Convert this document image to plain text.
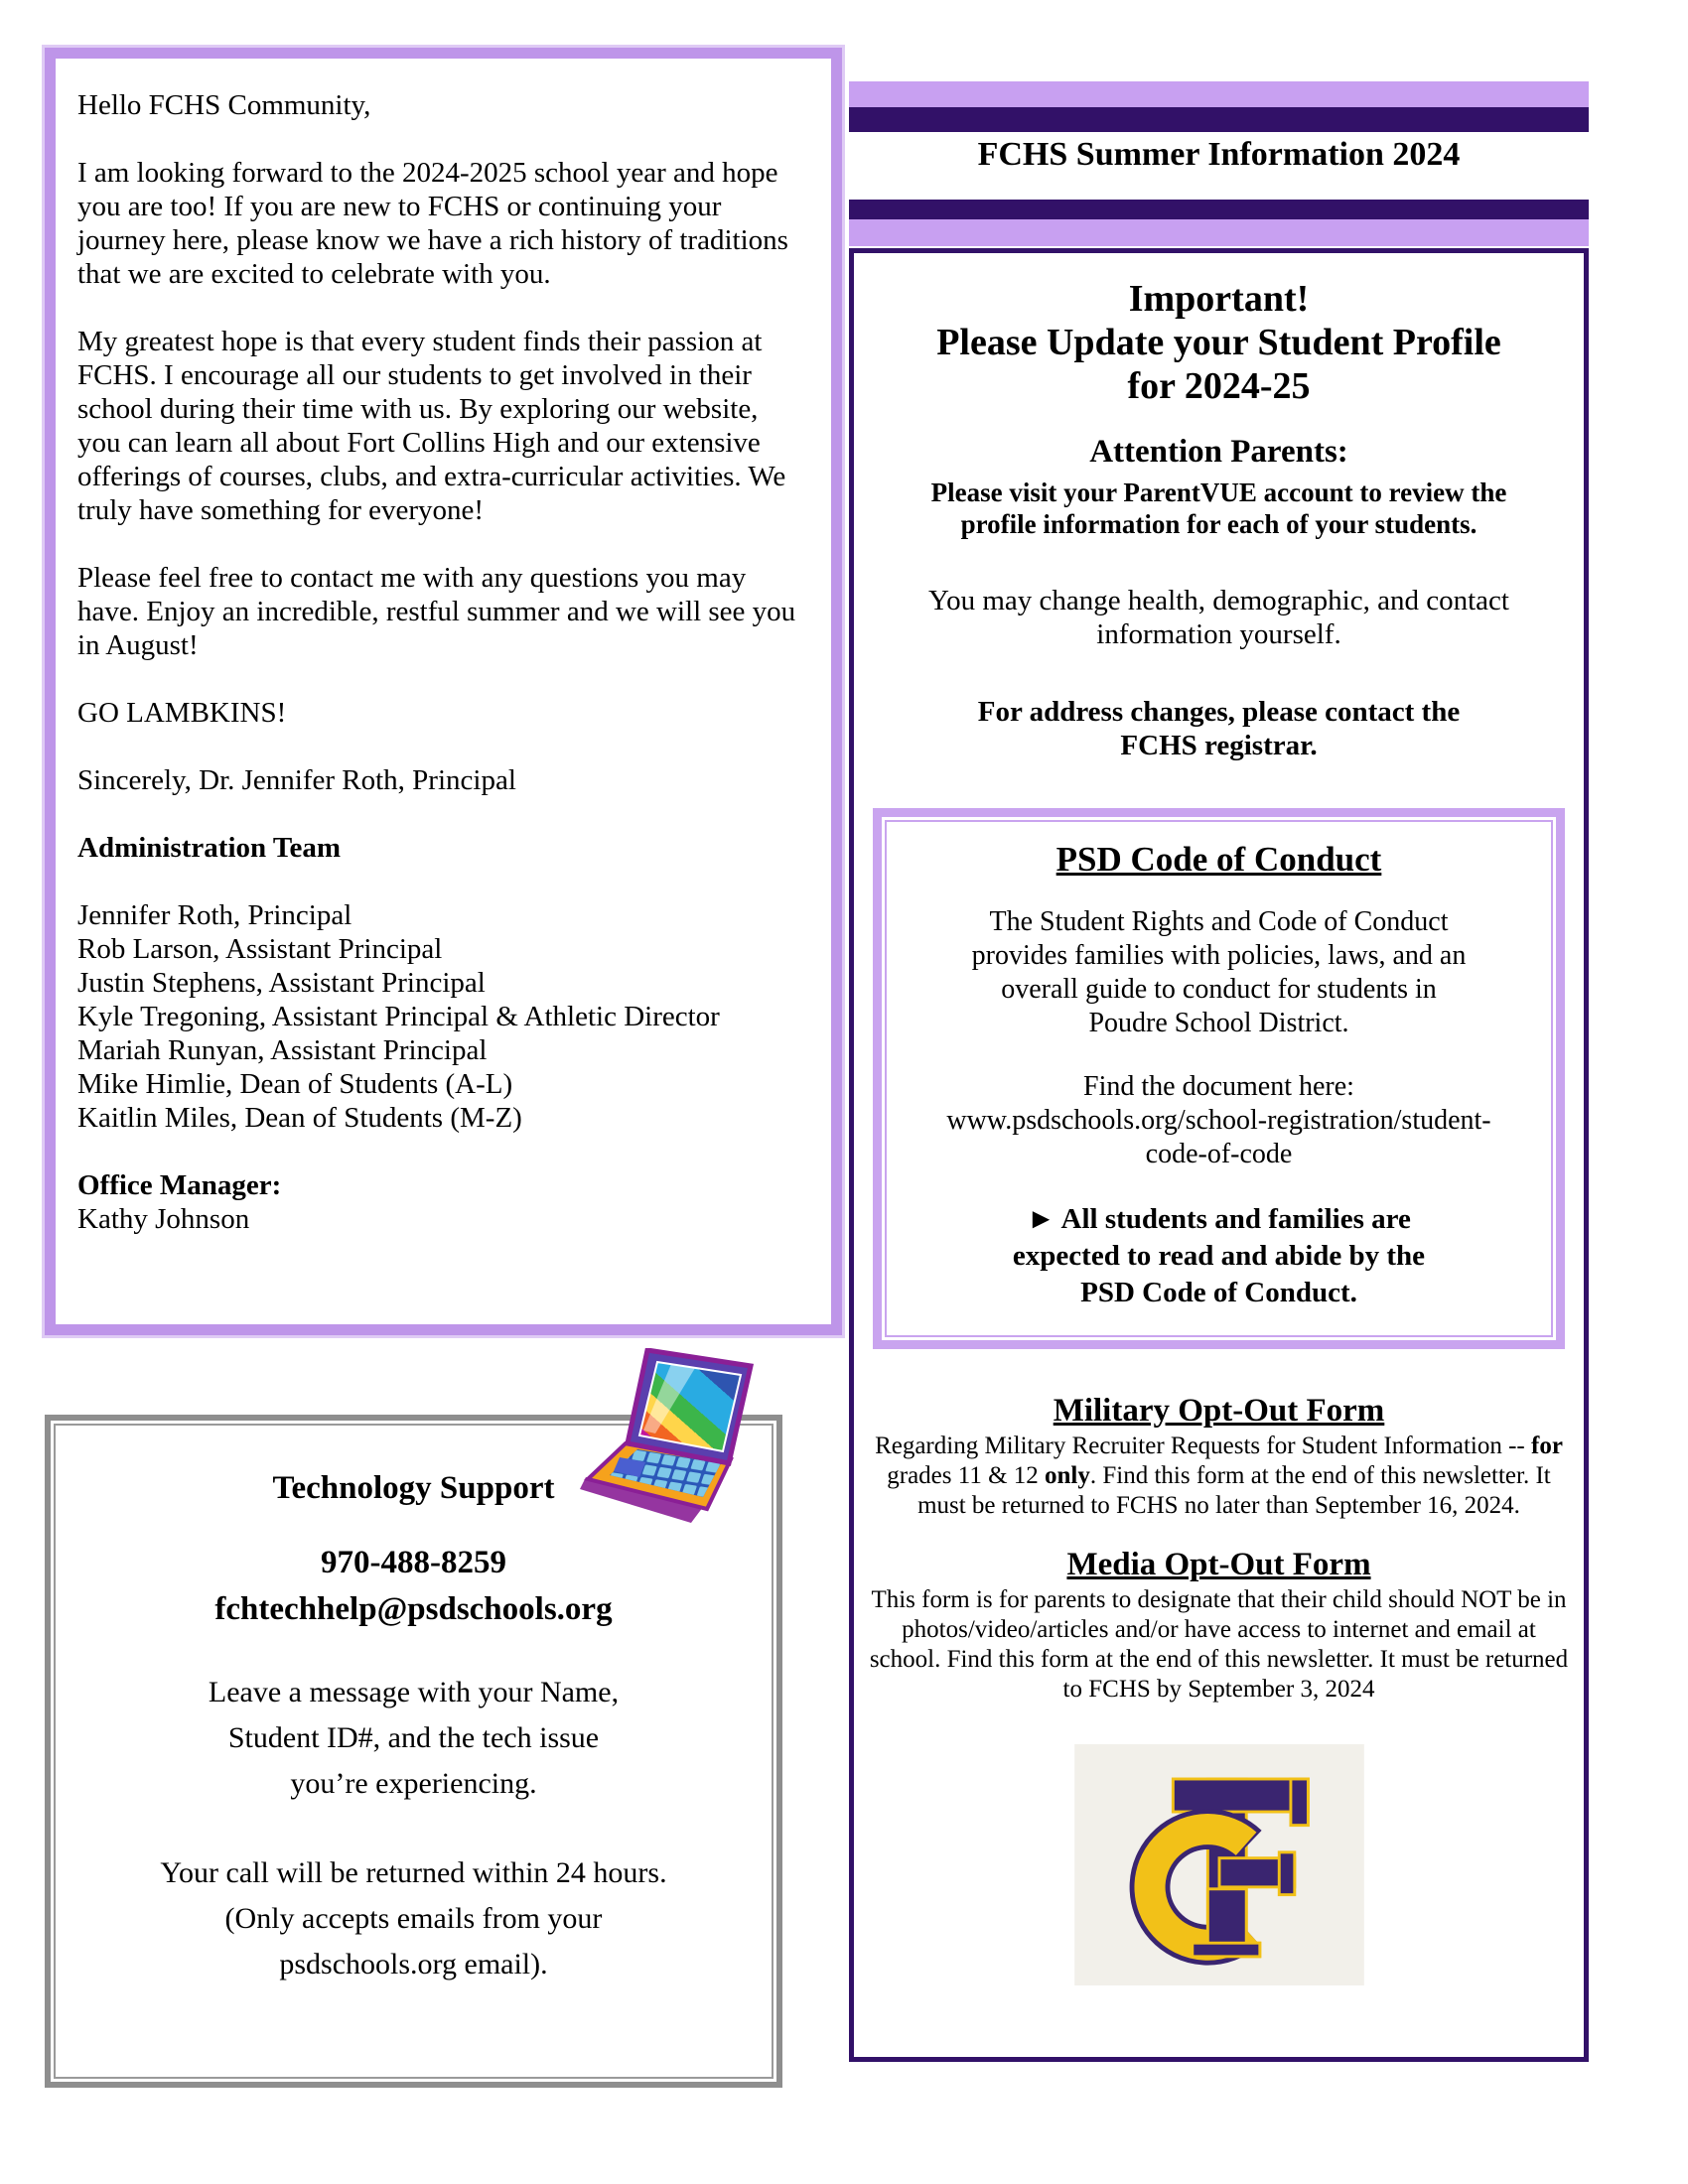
Hello FCHS Community,

I am looking forward to the 2024-2025 school year and hope you are too! If you are new to FCHS or continuing your journey here, please know we have a rich history of traditions that we are excited to celebrate with you.

My greatest hope is that every student finds their passion at FCHS. I encourage all our students to get involved in their school during their time with us. By exploring our website, you can learn all about Fort Collins High and our extensive offerings of courses, clubs, and extra-curricular activities. We truly have something for everyone!

Please feel free to contact me with any questions you may have. Enjoy an incredible, restful summer and we will see you in August!

GO LAMBKINS!

Sincerely, Dr. Jennifer Roth, Principal

Administration Team

Jennifer Roth, Principal
Rob Larson, Assistant Principal
Justin Stephens, Assistant Principal
Kyle Tregoning, Assistant Principal & Athletic Director
Mariah Runyan, Assistant Principal
Mike Himlie, Dean of Students (A-L)
Kaitlin Miles, Dean of Students (M-Z)
Office Manager:
Kathy Johnson
Technology Support
970-488-8259
fchtechhelp@psdschools.org
Leave a message with your Name, Student ID#, and the tech issue you’re experiencing.
Your call will be returned within 24 hours.
(Only accepts emails from your psdschools.org email).
FCHS Summer Information 2024
Important!
Please Update your Student Profile
for 2024-25
Attention Parents:
Please visit your ParentVUE account to review the profile information for each of your students.
You may change health, demographic, and contact information yourself.
For address changes, please contact the FCHS registrar.
PSD Code of Conduct
The Student Rights and Code of Conduct provides families with policies, laws, and an overall guide to conduct for students in Poudre School District.
Find the document here:
www.psdschools.org/school-registration/student-code-of-code
► All students and families are expected to read and abide by the PSD Code of Conduct.
Military Opt-Out Form
Regarding Military Recruiter Requests for Student Information -- for grades 11 & 12 only. Find this form at the end of this newsletter. It must be returned to FCHS no later than September 16, 2024.
Media Opt-Out Form
This form is for parents to designate that their child should NOT be in photos/video/articles and/or have access to internet and email at school. Find this form at the end of this newsletter. It must be returned to FCHS by September 3, 2024
